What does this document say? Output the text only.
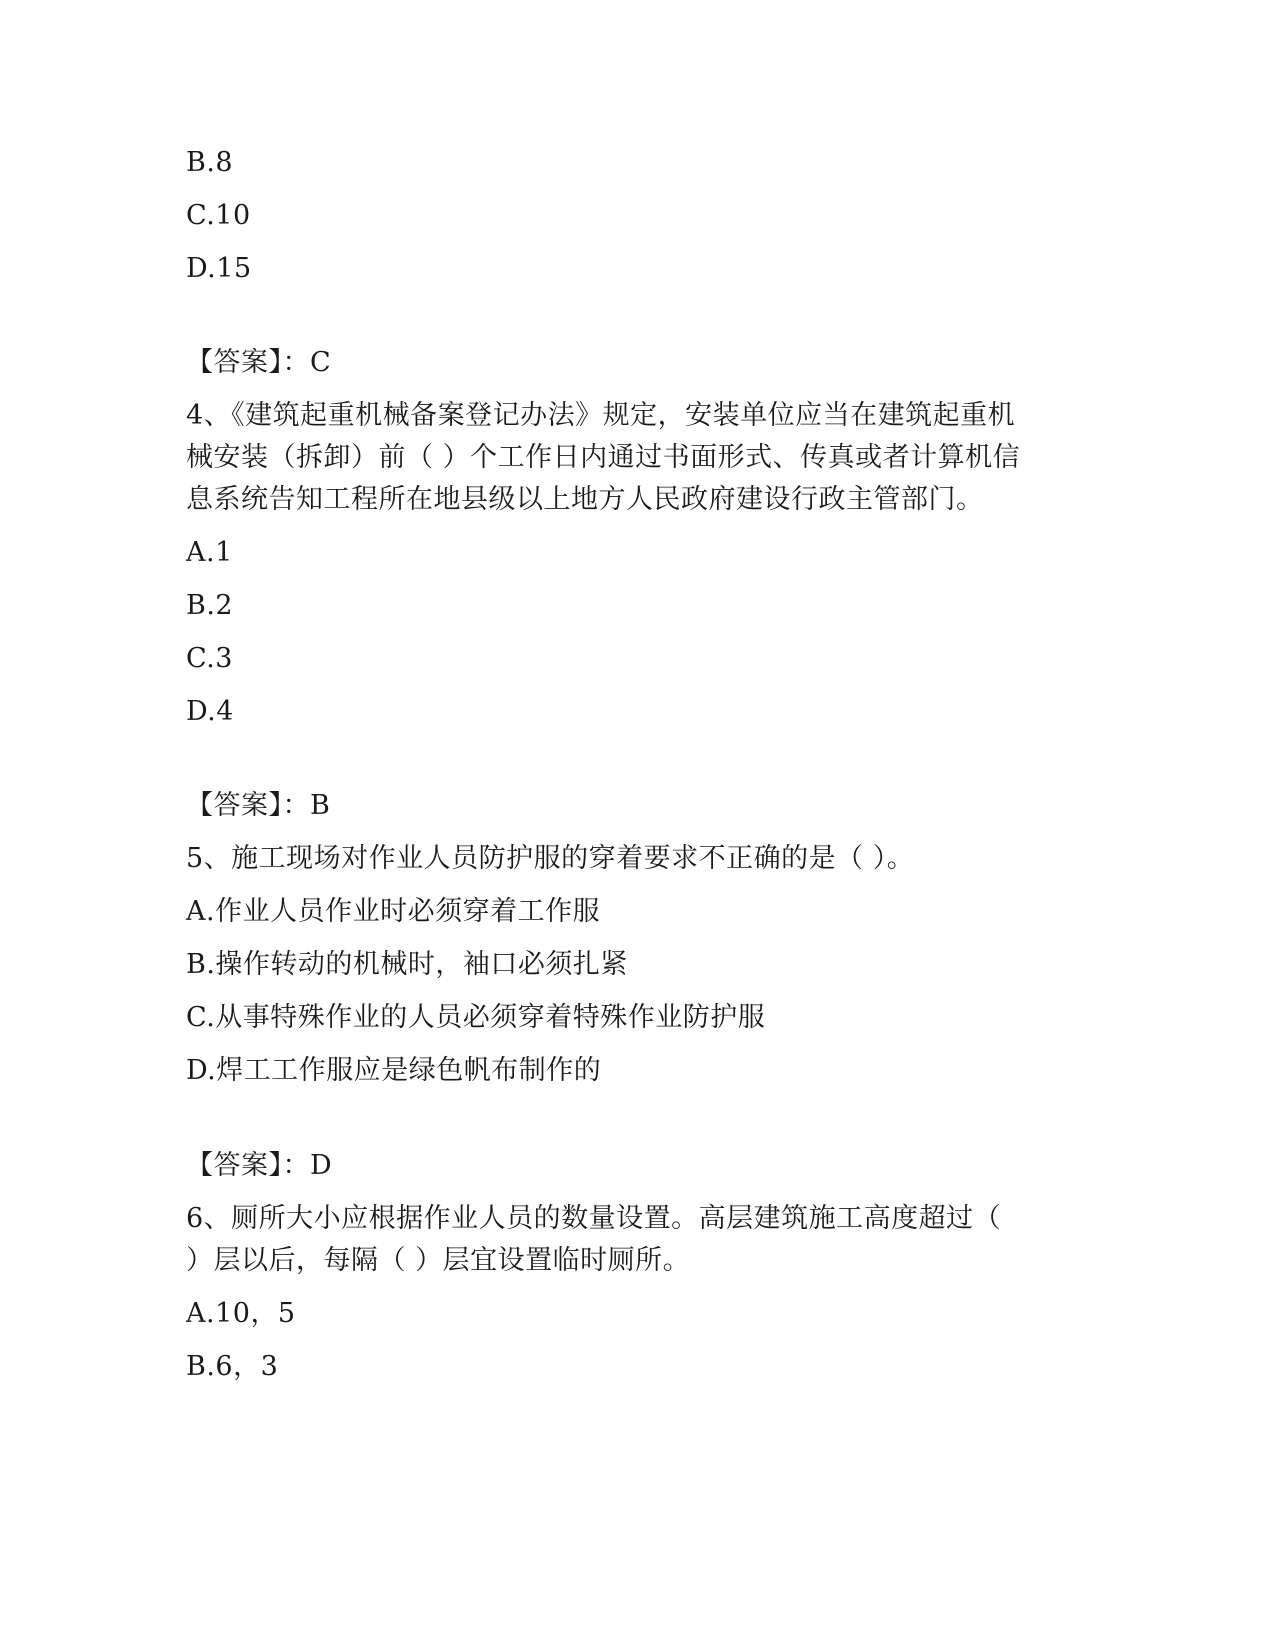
B.8
C.10
D.15
【答案】：C
4、《建筑起重机械备案登记办法》规定，安装单位应当在建筑起重机
械安装（拆卸）前（ ）个工作日内通过书面形式、传真或者计算机信
息系统告知工程所在地县级以上地方人民政府建设行政主管部门。
A.1
B.2
C.3
D.4
【答案】：B
5、施工现场对作业人员防护服的穿着要求不正确的是（ ）。
A.作业人员作业时必须穿着工作服
B.操作转动的机械时，袖口必须扎紧
C.从事特殊作业的人员必须穿着特殊作业防护服
D.焊工工作服应是绿色帆布制作的
【答案】：D
6、厕所大小应根据作业人员的数量设置。高层建筑施工高度超过（
）层以后，每隔（ ）层宜设置临时厕所。
A.10，5
B.6，3
